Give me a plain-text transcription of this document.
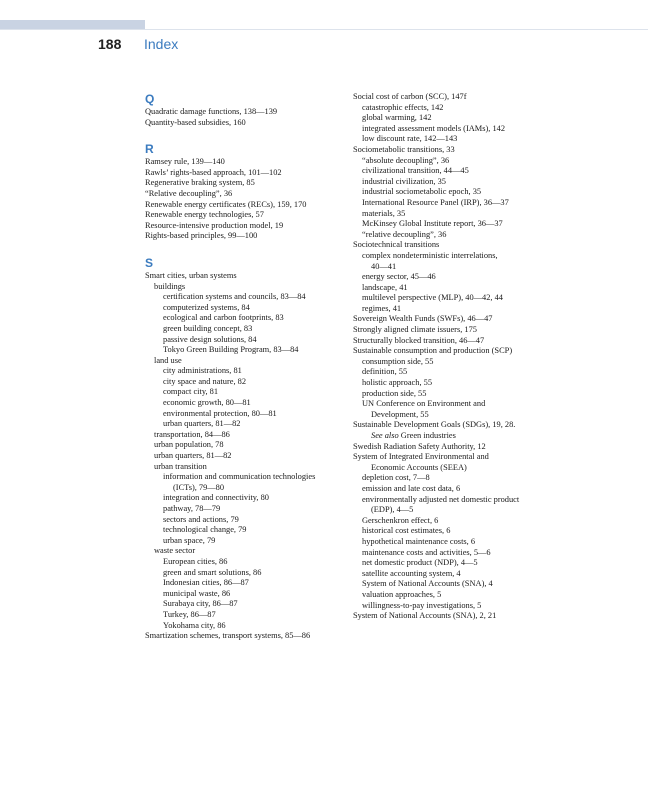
188 Index
Q
Quadratic damage functions, 138—139
Quantity-based subsidies, 160
R
Ramsey rule, 139—140
Rawls’ rights-based approach, 101—102
Regenerative braking system, 85
“Relative decoupling”, 36
Renewable energy certificates (RECs), 159, 170
Renewable energy technologies, 57
Resource-intensive production model, 19
Rights-based principles, 99—100
S
Smart cities, urban systems
buildings
certification systems and councils, 83—84
computerized systems, 84
ecological and carbon footprints, 83
green building concept, 83
passive design solutions, 84
Tokyo Green Building Program, 83—84
land use
city administrations, 81
city space and nature, 82
compact city, 81
economic growth, 80—81
environmental protection, 80—81
urban quarters, 81—82
transportation, 84—86
urban population, 78
urban quarters, 81—82
urban transition
information and communication technologies
(ICTs), 79—80
integration and connectivity, 80
pathway, 78—79
sectors and actions, 79
technological change, 79
urban space, 79
waste sector
European cities, 86
green and smart solutions, 86
Indonesian cities, 86—87
municipal waste, 86
Surabaya city, 86—87
Turkey, 86—87
Yokohama city, 86
Smartization schemes, transport systems, 85—86
Social cost of carbon (SCC), 147f
catastrophic effects, 142
global warming, 142
integrated assessment models (IAMs), 142
low discount rate, 142—143
Sociometabolic transitions, 33
“absolute decoupling”, 36
civilizational transition, 44—45
industrial civilization, 35
industrial sociometabolic epoch, 35
International Resource Panel (IRP), 36—37
materials, 35
McKinsey Global Institute report, 36—37
“relative decoupling”, 36
Sociotechnical transitions
complex nondeterministic interrelations,
40—41
energy sector, 45—46
landscape, 41
multilevel perspective (MLP), 40—42, 44
regimes, 41
Sovereign Wealth Funds (SWFs), 46—47
Strongly aligned climate issuers, 175
Structurally blocked transition, 46—47
Sustainable consumption and production (SCP)
consumption side, 55
definition, 55
holistic approach, 55
production side, 55
UN Conference on Environment and
Development, 55
Sustainable Development Goals (SDGs), 19, 28.
See also Green industries
Swedish Radiation Safety Authority, 12
System of Integrated Environmental and
Economic Accounts (SEEA)
depletion cost, 7—8
emission and late cost data, 6
environmentally adjusted net domestic product
(EDP), 4—5
Gerschenkron effect, 6
historical cost estimates, 6
hypothetical maintenance costs, 6
maintenance costs and activities, 5—6
net domestic product (NDP), 4—5
satellite accounting system, 4
System of National Accounts (SNA), 4
valuation approaches, 5
willingness-to-pay investigations, 5
System of National Accounts (SNA), 2, 21
